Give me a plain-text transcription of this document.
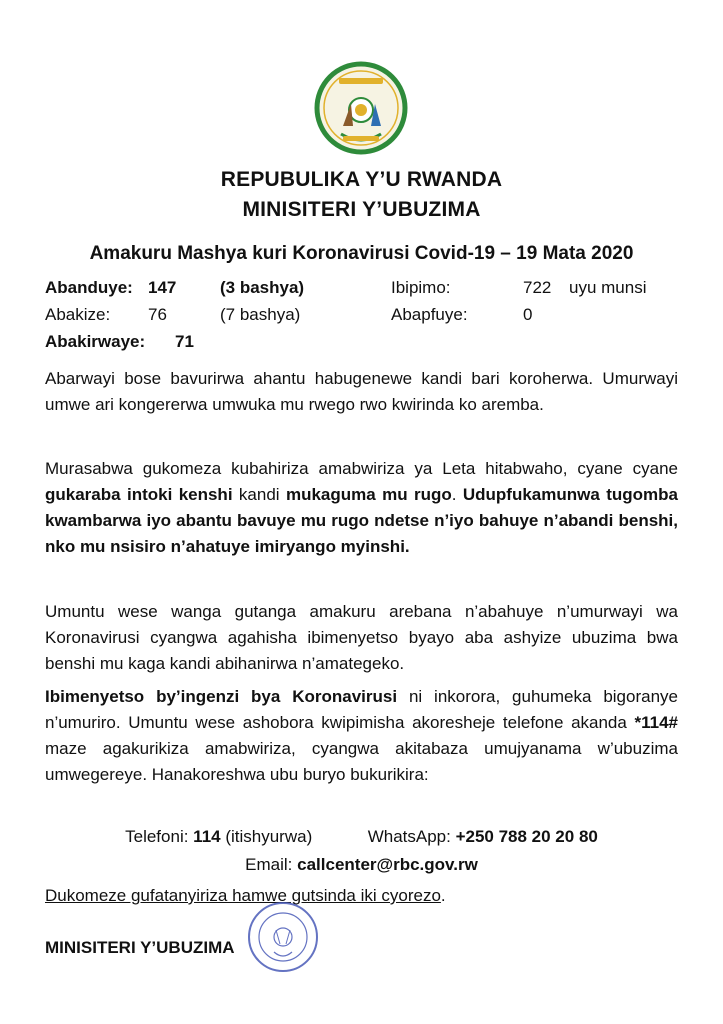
REPUBULIKA Y’U RWANDA
MINISITERI Y’UBUZIMA
Amakuru Mashya kuri Koronavirusi Covid-19 – 19 Mata 2020
Abanduye: 147	(3 bashya)	Ibipimo:	722 uyu munsi
Abakize: 76	(7 bashya)	Abapfuye:	0
Abakirwaye: 71
Abarwayi bose bavurirwa ahantu habugenewe kandi bari koroherwa. Umurwayi umwe ari kongererwa umwuka mu rwego rwo kwirinda ko aremba.
Murasabwa gukomeza kubahiriza amabwiriza ya Leta hitabwaho, cyane cyane gukaraba intoki kenshi kandi mukaguma mu rugo. Udupfukamunwa tugomba kwambarwa iyo abantu bavuye mu rugo ndetse n’iyo bahuye n’abandi benshi, nko mu nsisiro n’ahatuye imiryango myinshi.
Umuntu wese wanga gutanga amakuru arebana n’abahuye n’umurwayi wa Koronavirusi cyangwa agahisha ibimenyetso byayo aba ashyize ubuzima bwa benshi mu kaga kandi abihanirwa n’amategeko.
Ibimenyetso by’ingenzi bya Koronavirusi ni inkorora, guhumeka bigoranye n’umuriro. Umuntu wese ashobora kwipimisha akoresheje telefone akanda *114# maze agakurikiza amabwiriza, cyangwa akitabaza umujyanama w’ubuzima umwegereye. Hanakoreshwa ubu buryo bukurikira:
Telefoni: 114 (itishyurwa)	WhatsApp: +250 788 20 20 80
Email: callcenter@rbc.gov.rw
Dukomeze gufatanyiriza hamwe gutsinda iki cyorezo.
MINISITERI Y’UBUZIMA
